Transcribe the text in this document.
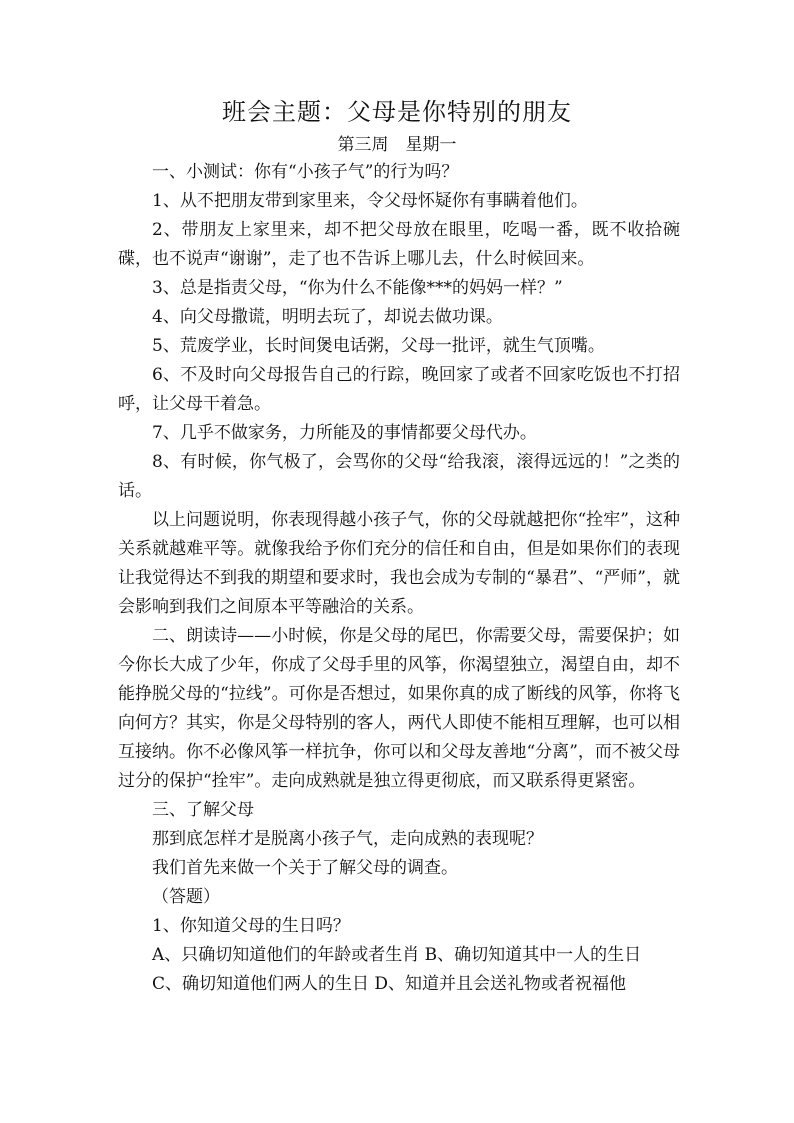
班会主题：父母是你特别的朋友
第三周　星期一

一、小测试：你有“小孩子气”的行为吗？

1、从不把朋友带到家里来，令父母怀疑你有事瞒着他们。

2、带朋友上家里来，却不把父母放在眼里，吃喝一番，既不收拾碗碟，也不说声“谢谢”，走了也不告诉上哪儿去，什么时候回来。

3、总是指责父母，“你为什么不能像***的妈妈一样？”

4、向父母撒谎，明明去玩了，却说去做功课。

5、荒废学业，长时间煲电话粥，父母一批评，就生气顶嘴。

6、不及时向父母报告自己的行踪，晚回家了或者不回家吃饭也不打招呼，让父母干着急。

7、几乎不做家务，力所能及的事情都要父母代办。

8、有时候，你气极了，会骂你的父母“给我滚，滚得远远的！”之类的话。

以上问题说明，你表现得越小孩子气，你的父母就越把你“拴牢”，这种关系就越难平等。就像我给予你们充分的信任和自由，但是如果你们的表现让我觉得达不到我的期望和要求时，我也会成为专制的“暴君”、“严师”，就会影响到我们之间原本平等融洽的关系。

二、朗读诗——小时候，你是父母的尾巴，你需要父母，需要保护；如今你长大成了少年，你成了父母手里的风筝，你渴望独立，渴望自由，却不能挣脱父母的“拉线”。可你是否想过，如果你真的成了断线的风筝，你将飞向何方？其实，你是父母特别的客人，两代人即使不能相互理解，也可以相互接纳。你不必像风筝一样抗争，你可以和父母友善地“分离”，而不被父母过分的保护“拴牢”。走向成熟就是独立得更彻底，而又联系得更紧密。

三、了解父母

那到底怎样才是脱离小孩子气，走向成熟的表现呢？

我们首先来做一个关于了解父母的调查。

（答题）

1、你知道父母的生日吗？

A、只确切知道他们的年龄或者生肖 B、确切知道其中一人的生日

C、确切知道他们两人的生日 D、知道并且会送礼物或者祝福他
